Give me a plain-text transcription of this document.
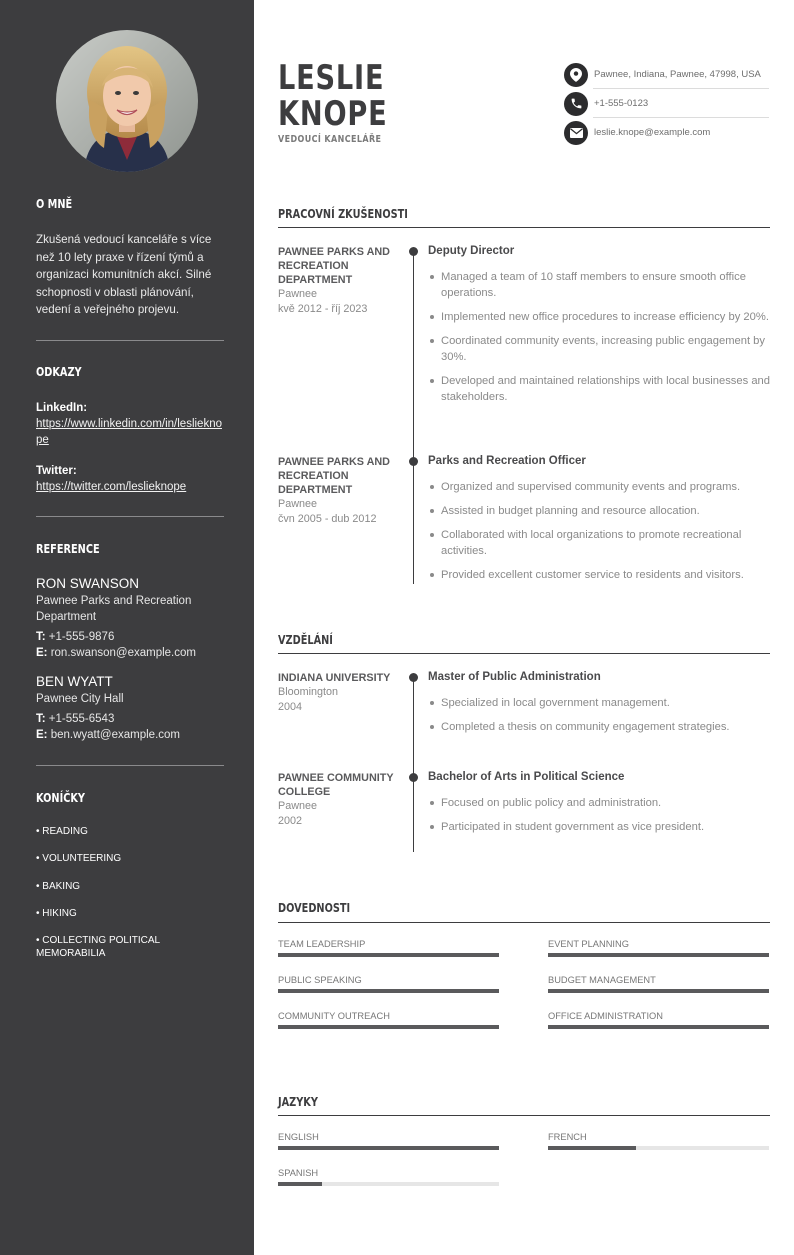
O MNĚ
Zkušená vedoucí kanceláře s více než 10 lety praxe v řízení týmů a organizaci komunitních akcí. Silné schopnosti v oblasti plánování, vedení a veřejného projevu.
ODKAZY
LinkedIn:
https://www.linkedin.com/in/leslieknope
Twitter:
https://twitter.com/leslieknope
REFERENCE
RON SWANSON
Pawnee Parks and Recreation Department
T: +1-555-9876
E: ron.swanson@example.com
BEN WYATT
Pawnee City Hall
T: +1-555-6543
E: ben.wyatt@example.com
KONÍČKY
• READING
• VOLUNTEERING
• BAKING
• HIKING
• COLLECTING POLITICAL MEMORABILIA
LESLIE
KNOPE
VEDOUCÍ KANCELÁŘE
Pawnee, Indiana, Pawnee, 47998, USA
+1-555-0123
leslie.knope@example.com
PRACOVNÍ ZKUŠENOSTI
PAWNEE PARKS AND RECREATION DEPARTMENT
Pawnee
kvě 2012 - říj 2023
Deputy Director
Managed a team of 10 staff members to ensure smooth office operations.
Implemented new office procedures to increase efficiency by 20%.
Coordinated community events, increasing public engagement by 30%.
Developed and maintained relationships with local businesses and stakeholders.
PAWNEE PARKS AND RECREATION DEPARTMENT
Pawnee
čvn 2005 - dub 2012
Parks and Recreation Officer
Organized and supervised community events and programs.
Assisted in budget planning and resource allocation.
Collaborated with local organizations to promote recreational activities.
Provided excellent customer service to residents and visitors.
VZDĚLÁNÍ
INDIANA UNIVERSITY
Bloomington
2004
Master of Public Administration
Specialized in local government management.
Completed a thesis on community engagement strategies.
PAWNEE COMMUNITY COLLEGE
Pawnee
2002
Bachelor of Arts in Political Science
Focused on public policy and administration.
Participated in student government as vice president.
DOVEDNOSTI
TEAM LEADERSHIP	EVENT PLANNING
PUBLIC SPEAKING	BUDGET MANAGEMENT
COMMUNITY OUTREACH	OFFICE ADMINISTRATION
JAZYKY
ENGLISH	FRENCH
SPANISH
